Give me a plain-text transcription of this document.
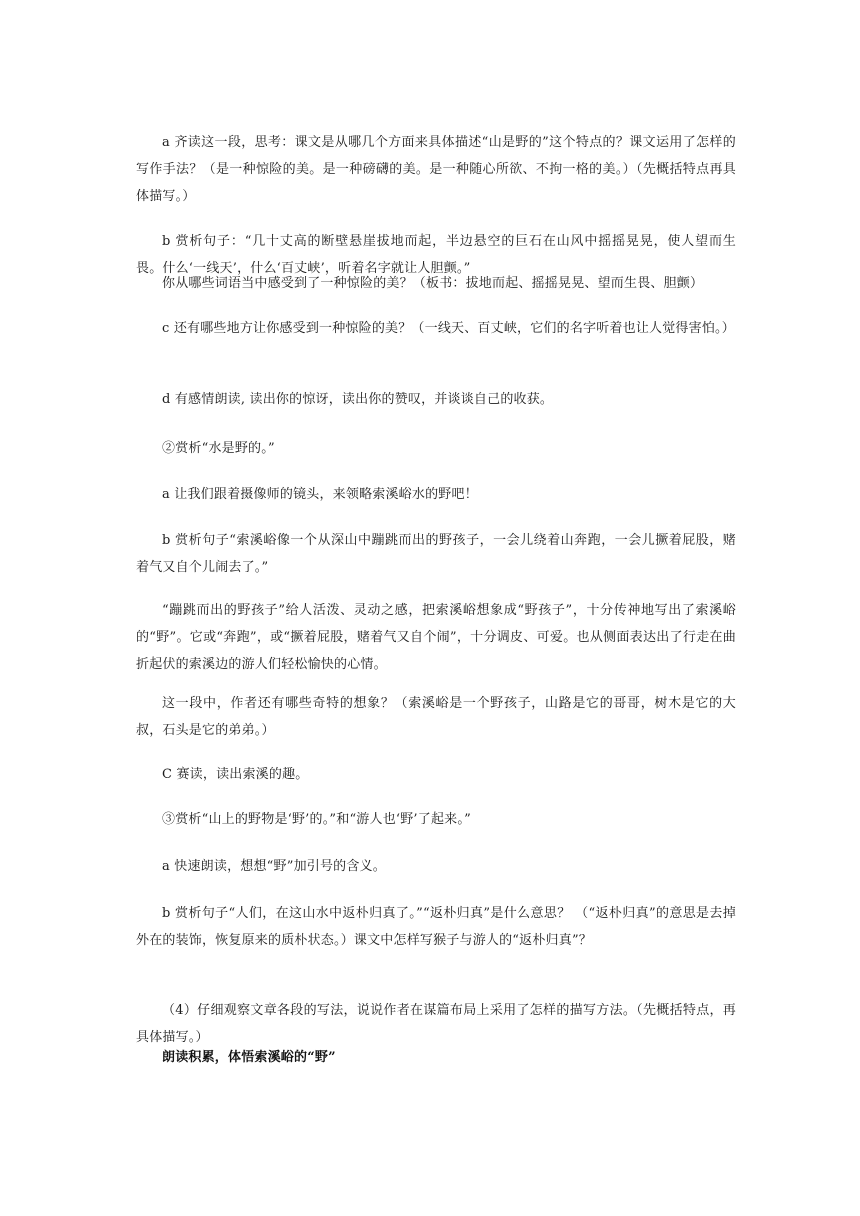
a 齐读这一段，思考：课文是从哪几个方面来具体描述“山是野的”这个特点的？课文运用了怎样的写作手法？（是一种惊险的美。是一种磅礴的美。是一种随心所欲、不拘一格的美。）（先概括特点再具体描写。）

b 赏析句子：“几十丈高的断壁悬崖拔地而起，半边悬空的巨石在山风中摇摇晃晃，使人望而生畏。什么‘一线天’，什么‘百丈峡’，听着名字就让人胆颤。”

你从哪些词语当中感受到了一种惊险的美？（板书：拔地而起、摇摇晃晃、望而生畏、胆颤）

c 还有哪些地方让你感受到一种惊险的美？（一线天、百丈峡，它们的名字听着也让人觉得害怕。）

d 有感情朗读, 读出你的惊讶，读出你的赞叹，并谈谈自己的收获。

②赏析“水是野的。”

a 让我们跟着摄像师的镜头，来领略索溪峪水的野吧！

b 赏析句子“索溪峪像一个从深山中蹦跳而出的野孩子，一会儿绕着山奔跑，一会儿撅着屁股，赌着气又自个儿闹去了。”

“蹦跳而出的野孩子”给人活泼、灵动之感，把索溪峪想象成“野孩子”，十分传神地写出了索溪峪的“野”。它或“奔跑”，或“撅着屁股，赌着气又自个闹”，十分调皮、可爱。也从侧面表达出了行走在曲折起伏的索溪边的游人们轻松愉快的心情。

这一段中，作者还有哪些奇特的想象？（索溪峪是一个野孩子，山路是它的哥哥，树木是它的大叔，石头是它的弟弟。）

C 赛读，读出索溪的趣。

③赏析“山上的野物是‘野’的。”和“游人也‘野’了起来。”

a 快速朗读，想想“野”加引号的含义。

b 赏析句子“人们，在这山水中返朴归真了。”“返朴归真”是什么意思？ （“返朴归真”的意思是去掉外在的装饰，恢复原来的质朴状态。）课文中怎样写猴子与游人的“返朴归真”？

（4）仔细观察文章各段的写法，说说作者在谋篇布局上采用了怎样的描写方法。（先概括特点，再具体描写。）

朗读积累，体悟索溪峪的“野”
